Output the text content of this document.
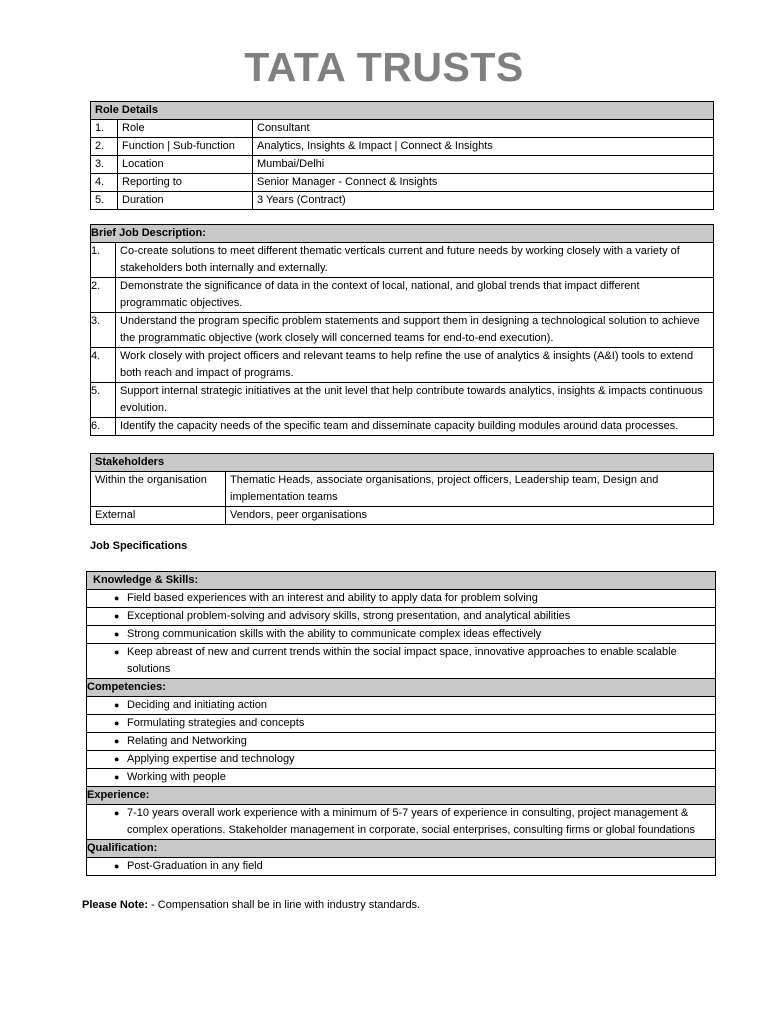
TATA TRUSTS
Role Details		
1.	Role	Consultant
2.	Function | Sub-function	Analytics, Insights & Impact | Connect & Insights
3.	Location	Mumbai/Delhi
4.	Reporting to	Senior Manager - Connect & Insights
5.	Duration	3 Years (Contract)
Brief Job Description:	
1.	Co-create solutions to meet different thematic verticals current and future needs by working closely with a variety of stakeholders both internally and externally.
2.	Demonstrate the significance of data in the context of local, national, and global trends that impact different programmatic objectives.
3.	Understand the program specific problem statements and support them in designing a technological solution to achieve the programmatic objective (work closely will concerned teams for end-to-end execution).
4.	Work closely with project officers and relevant teams to help refine the use of analytics & insights (A&I) tools to extend both reach and impact of programs.
5.	Support internal strategic initiatives at the unit level that help contribute towards analytics, insights & impacts continuous evolution.
6.	Identify the capacity needs of the specific team and disseminate capacity building modules around data processes.
Stakeholders	
Within the organisation	Thematic Heads, associate organisations, project officers, Leadership team, Design and implementation teams
External	Vendors, peer organisations
Job Specifications
Knowledge & Skills:

● Field based experiences with an interest and ability to apply data for problem solving

● Exceptional problem-solving and advisory skills, strong presentation, and analytical abilities

● Strong communication skills with the ability to communicate complex ideas effectively

● Keep abreast of new and current trends within the social impact space, innovative approaches to enable scalable solutions
Competencies:

● Deciding and initiating action

● Formulating strategies and concepts

● Relating and Networking

● Applying expertise and technology

● Working with people
Experience:

● 7-10 years overall work experience with a minimum of 5-7 years of experience in consulting, project management & complex operations. Stakeholder management in corporate, social enterprises, consulting firms or global foundations
Qualification:

● Post-Graduation in any field
Please Note: - Compensation shall be in line with industry standards.
